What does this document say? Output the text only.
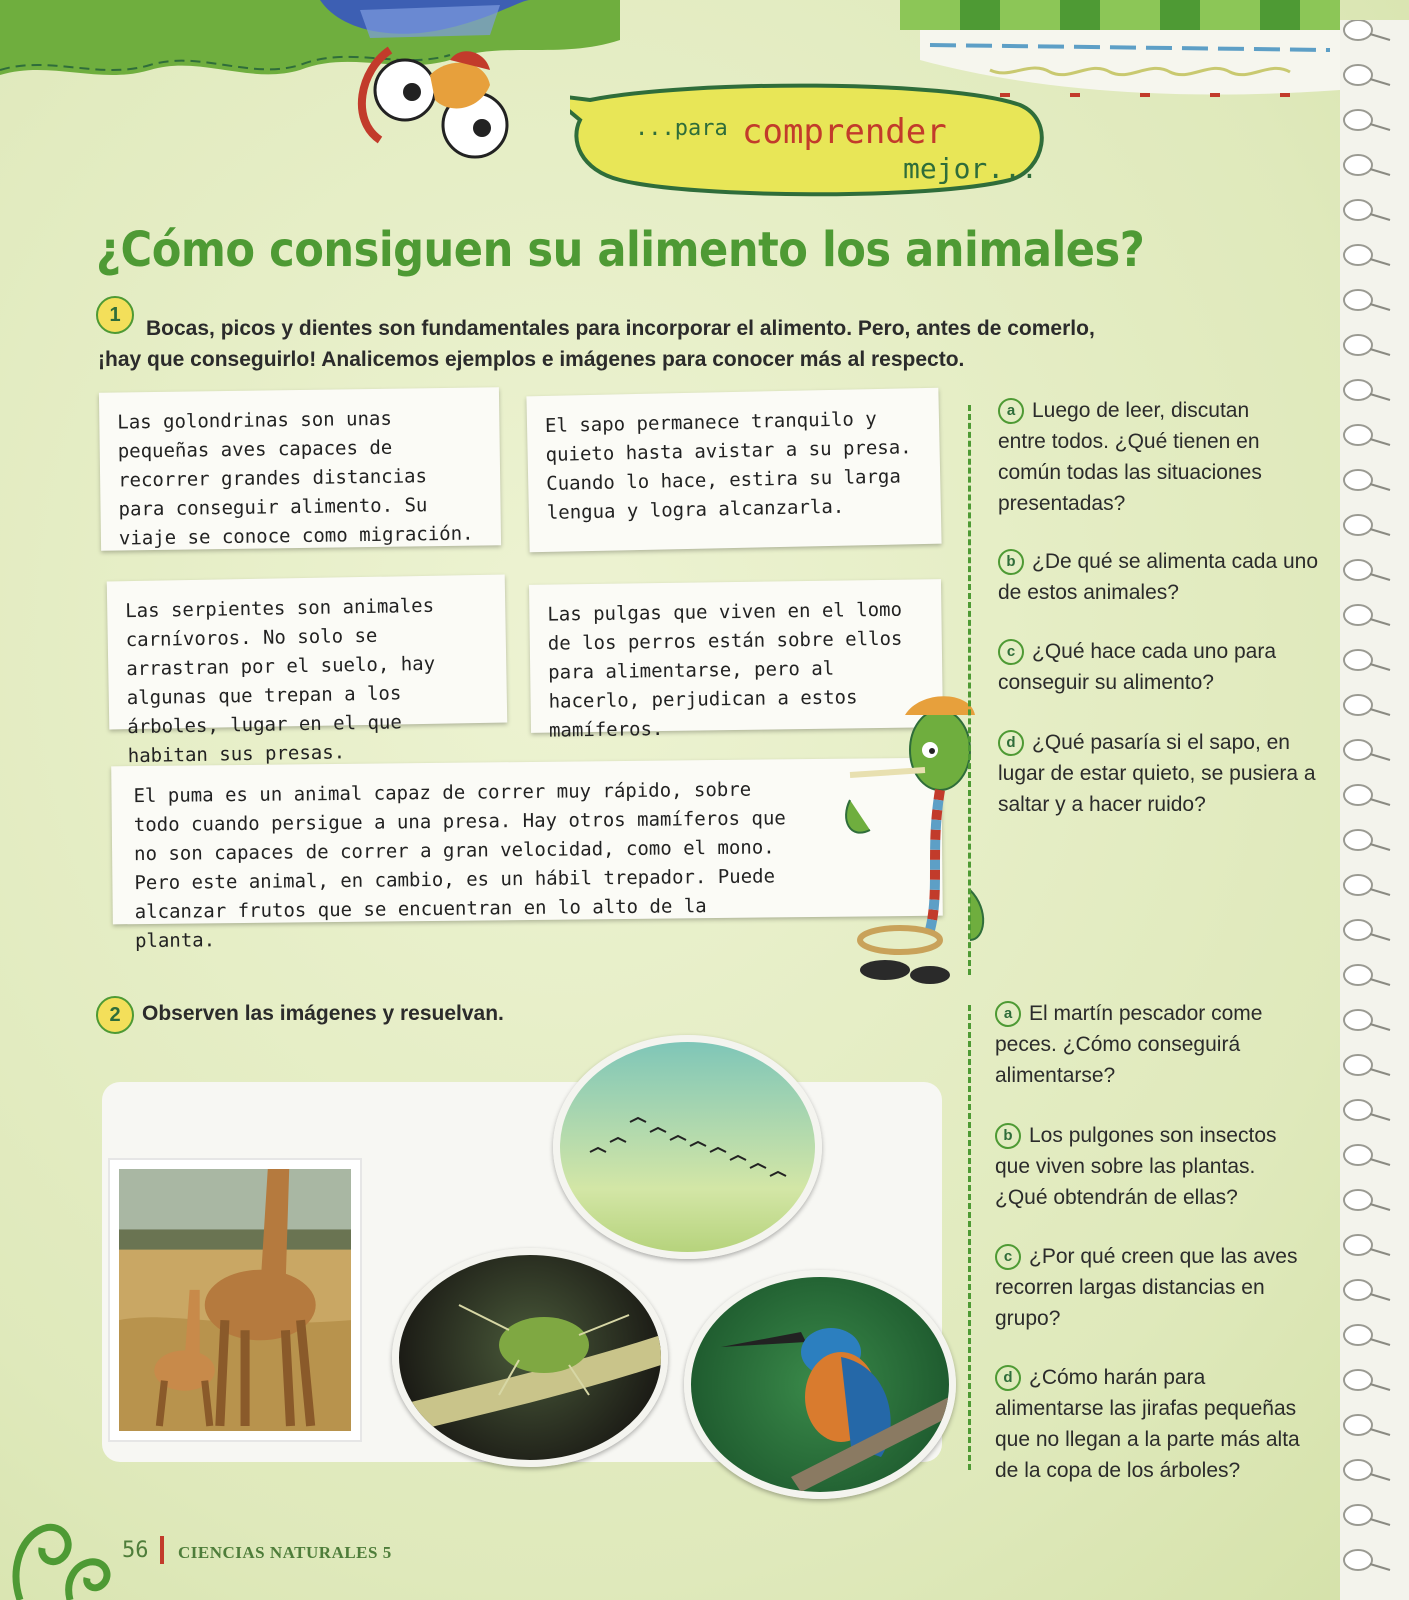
...para comprender
mejor...
¿Cómo consiguen su alimento los animales?
1
Bocas, picos y dientes son fundamentales para incorporar el alimento. Pero, antes de comerlo,
¡hay que conseguirlo! Analicemos ejemplos e imágenes para conocer más al respecto.
Las golondrinas son unas pequeñas aves capaces de recorrer grandes distancias para conseguir alimento. Su viaje se conoce como migración.
El sapo permanece tranquilo y quieto hasta avistar a su presa. Cuando lo hace, estira su larga lengua y logra alcanzarla.
Las serpientes son animales carnívoros. No solo se arrastran por el suelo, hay algunas que trepan a los árboles, lugar en el que habitan sus presas.
Las pulgas que viven en el lomo de los perros están sobre ellos para alimentarse, pero al hacerlo, perjudican a estos mamíferos.
El puma es un animal capaz de correr muy rápido, sobre todo cuando persigue a una presa. Hay otros mamíferos que no son capaces de correr a gran velocidad, como el mono. Pero este animal, en cambio, es un hábil trepador. Puede alcanzar frutos que se encuentran en lo alto de la planta.
a Luego de leer, discutan entre todos. ¿Qué tienen en común todas las situaciones presentadas?
b ¿De qué se alimenta cada uno de estos animales?
c ¿Qué hace cada uno para conseguir su alimento?
d ¿Qué pasaría si el sapo, en lugar de estar quieto, se pusiera a saltar y a hacer ruido?
2	Observen las imágenes y resuelvan.	a El martín pescador come peces. ¿Cómo conseguirá alimentarse?
b Los pulgones son insectos que viven sobre las plantas. ¿Qué obtendrán de ellas?
c ¿Por qué creen que las aves recorren largas distancias en grupo?
d ¿Cómo harán para alimentarse las jirafas pequeñas que no llegan a la parte más alta de la copa de los árboles?
56 CIENCIAS NATURALES 5
